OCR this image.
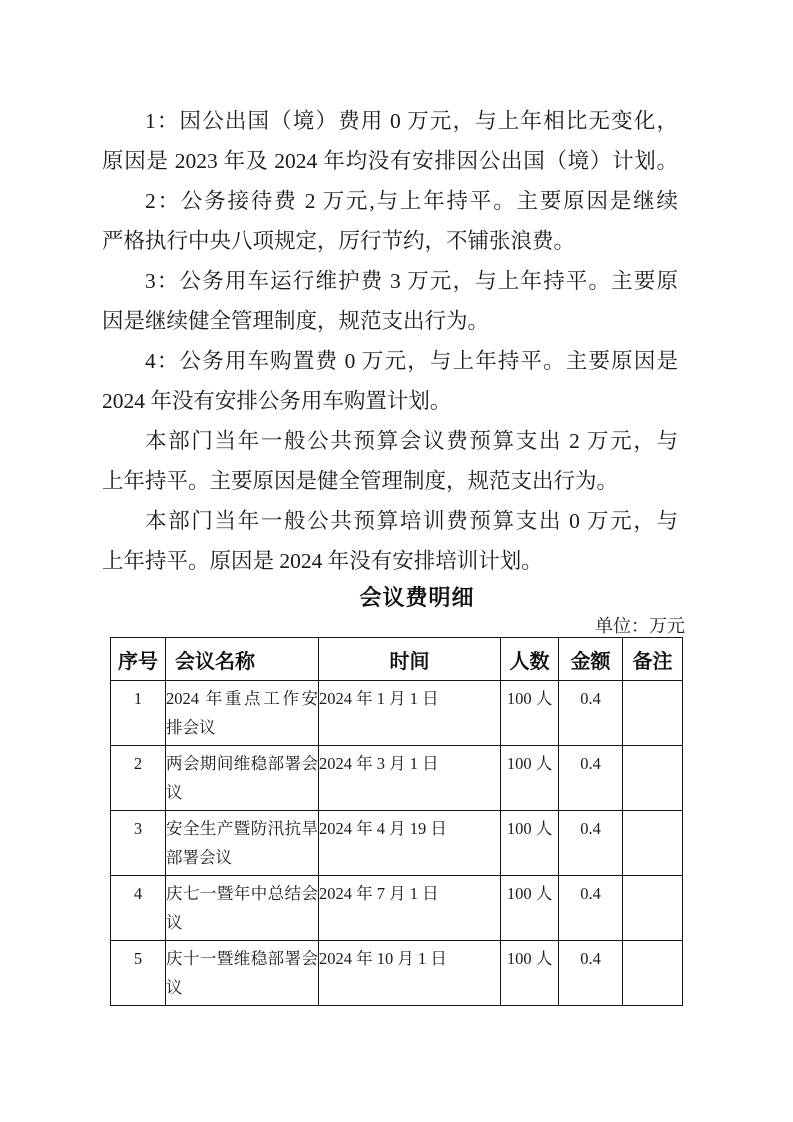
1：因公出国（境）费用 0 万元，与上年相比无变化，
原因是 2023 年及 2024 年均没有安排因公出国（境）计划。
2：公务接待费 2 万元,与上年持平。主要原因是继续
严格执行中央八项规定，厉行节约，不铺张浪费。
3：公务用车运行维护费 3 万元，与上年持平。主要原
因是继续健全管理制度，规范支出行为。
4：公务用车购置费 0 万元，与上年持平。主要原因是
2024 年没有安排公务用车购置计划。
本部门当年一般公共预算会议费预算支出 2 万元，与
上年持平。主要原因是健全管理制度，规范支出行为。
本部门当年一般公共预算培训费预算支出 0 万元，与
上年持平。原因是 2024 年没有安排培训计划。
会议费明细
单位：万元
序号	会议名称	时间	人数	金额	备注
1	2024 年重点工作安排会议	2024 年 1 月 1 日	100 人	0.4	
2	两会期间维稳部署会议	2024 年 3 月 1 日	100 人	0.4	
3	安全生产暨防汛抗旱部署会议	2024 年 4 月 19 日	100 人	0.4	
4	庆七一暨年中总结会议	2024 年 7 月 1 日	100 人	0.4	
5	庆十一暨维稳部署会议	2024 年 10 月 1 日	100 人	0.4	
